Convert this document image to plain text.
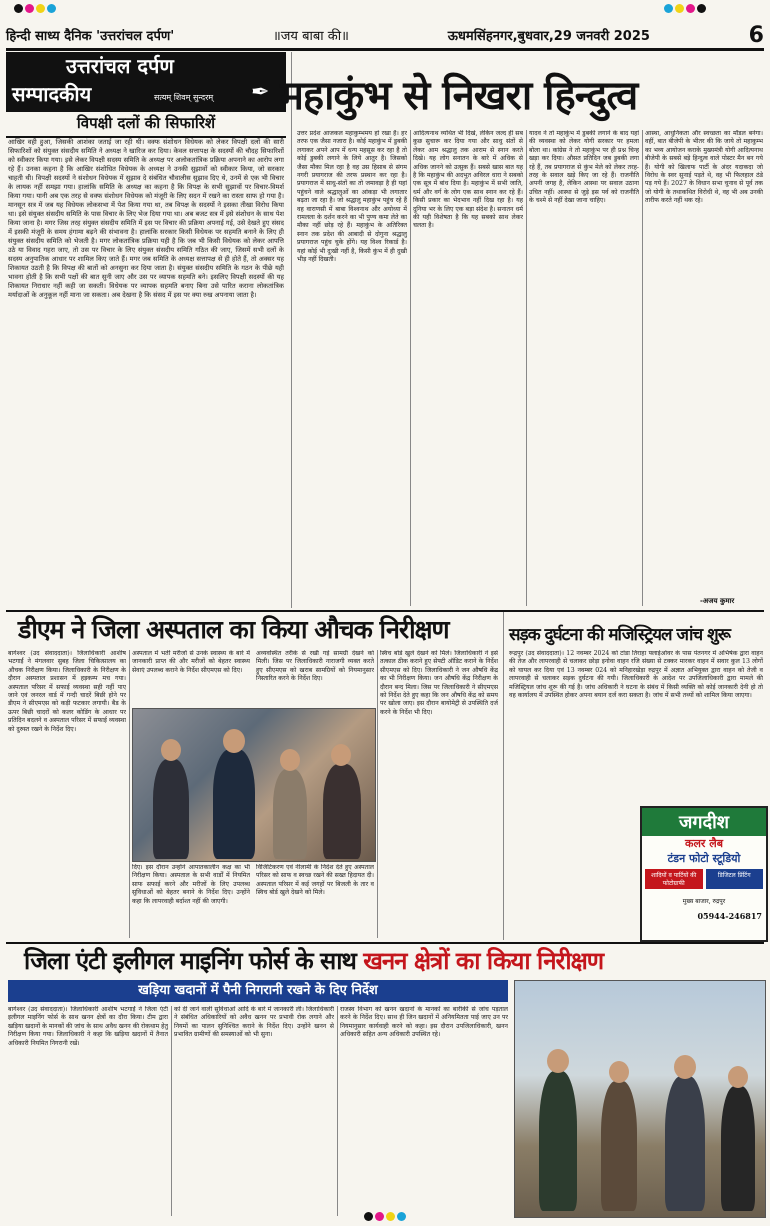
हिन्दी साध्य दैनिक 'उत्तरांचल दर्पण'	॥जय बाबा की॥	ऊधमसिंहनगर,बुधवार,29 जनवरी 2025	6
उत्तरांचल दर्पण
सम्पादकीय	सत्यम् शिवम् सुन्दरम् ✒
विपक्षी दलों की सिफारिशें

आखिर वही हुआ, जिसकी आशंका जताई जा रही थी। वक्फ संशोधन विधेयक को लेकर विपक्षी दलों की सारी सिफारिशों को संयुक्त संसदीय समिति ने अध्यक्ष ने खारिज कर दिया। केवल सत्तापक्ष के सदस्यों की चौदह सिफारिशों को स्वीकार किया गया। इसे लेकर विपक्षी सदस्य समिति के अध्यक्ष पर अलोकतांत्रिक प्रक्रिया अपनाने का आरोप लगा रहे हैं। उनका कहना है कि आखिर संशोधित विधेयक के अध्यक्ष ने उनकी सुझावों को स्वीकार किया, जो सरकार चाहती थी। विपक्षी सदस्यों ने संशोधन विधेयक में सुझाव दे संबंधित चौवालीस सुझाव दिए थे, उनमें से एक भी विचार के लायक नहीं समझा गया। हालांकि समिति के अध्यक्ष का कहना है कि विपक्ष के सभी सुझावों पर विचार-विमर्श किया गया। यानी अब एक तरह से वक्फ संशोधन विधेयक को मंजूरी के लिए सदन में रखने का रास्ता साफ हो गया है। मानसून सत्र में जब यह विधेयक लोकसभा में पेश किया गया था, तब विपक्ष के सदस्यों ने इसका तीखा विरोध किया था। इसे संयुक्त संसदीय समिति के पास विचार के लिए भेज दिया गया था। अब बजट सत्र में इसे संशोधन के साथ पेश किया जाना है। मगर जिस तरह संयुक्त संसदीय समिति में इस पर विचार की प्रक्रिया अपनाई गई, उसे देखते हुए संसद में इसकी मंजूरी के समय हंगामा बढ़ने की संभावना है। हालांकि सरकार किसी विधेयक पर सहमति बनाने के लिए ही संयुक्त संसदीय समिति को भेजती है। मगर लोकतांत्रिक प्रक्रिया यही है कि जब भी किसी विधेयक को लेकर आपत्ति उठे या विवाद गहरा जाए, तो उस पर विचार के लिए संयुक्त संसदीय समिति गठित की जाए, जिसमें सभी दलों के सदस्य अनुपातिक आधार पर शामिल किए जाते हैं। मगर जब समिति के अध्यक्ष सत्तापक्ष से ही होते हैं, तो अक्सर यह शिकायत उठती है कि विपक्ष की बातों को अनसुना कर दिया जाता है। संयुक्त संसदीय समिति के गठन के पीछे यही भावना होती है कि सभी पक्षों की बात सुनी जाए और उस पर व्यापक सहमति बने। इसलिए विपक्षी सदस्यों की यह शिकायत निराधार नहीं कही जा सकती। विधेयक पर व्यापक सहमति बनाए बिना उसे पारित कराना लोकतांत्रिक मर्यादाओं के अनुकूल नहीं माना जा सकता। अब देखना है कि संसद में इस पर क्या रुख अपनाया जाता है।

महाकुंभ से निखरा हिन्दुत्व

उत्तर प्रदेश आजकल महाकुम्भमय हो रखा है। हर तरफ एक जैसा नजारा है। कोई महाकुंभ में डुबकी लगाकर अपने आप में धन्य महसूस कर रहा है तो कोई डुबकी लगाने के लिये आतुर है। जिसको जैसा मौका मिल रहा है वह उस हिसाब से संगम नगरी प्रयागराज की तरफ प्रस्थान कर रहा है। प्रयागराज में साधु-संतों का तो जमावड़ा है ही यहां पहुंचने वाले श्रद्धालुओं का आंकड़ा भी लगातार बढ़ता जा रहा है। जो श्रद्धालु महाकुंभ पहुंच रहे हैं वह वाराणसी में बाबा विश्वनाथ और अयोध्या में रामलला के दर्शन करने का भी पुण्य कमा लेते का मौका नहीं छोड़ रहे हैं। महाकुंभ के अतिरिक्त स्नान तक प्रदेश की आबादी से दोगुना श्रद्धालु प्रयागराज पहुंच चुके होंगे। यह विश्व रिकार्ड है। यहां कोई भी दुःखी नहीं है, किसी कुंभ में ही दुखी भीड़ नहीं दिखती।

आदित्यनाथ व्यथित भी दिखे, लेकिन जल्द ही सब कुछ सुचारू कर दिया गया और साधु संतों से लेकर आम श्रद्धालु तक आराम से स्नान करते दिखे। यह लोग सनातन के बारे में अधिक से अधिक जानने को उत्सुक हैं। सबसे खास बात यह है कि महाकुंभ की अदभुत अविरल धारा ने सबको एक सूत्र में बांध दिया है। महाकुंभ में सभी जाति, धर्म और वर्ग के लोग एक साथ स्नान कर रहे हैं। किसी प्रकार का भेदभाव नहीं दिख रहा है। यह दुनिया भर के लिए एक बड़ा संदेश है। सनातन धर्म की यही विशेषता है कि यह सबको साथ लेकर चलता है।

यादव ने तो महाकुंभ में डुबकी लगाने के बाद यहां की व्यवस्था को लेकर योगी सरकार पर हमला बोला था। कांग्रेस ने तो महाकुंभ पर ही प्रश्न चिन्ह खड़ा कर दिया। औसत प्रतिदिन जब डुबकी लगा रहे हैं, तब प्रयागराज से कुंभ मेले को लेकर तरह-तरह के सवाल खड़े किए जा रहे हैं। राजनीति अपनी जगह है, लेकिन आस्था पर सवाल उठाना उचित नहीं। आस्था से जुड़े इस पर्व को राजनीति के चश्मे से नहीं देखा जाना चाहिए।

आस्था, आधुनिकता और स्वच्छता का मॉडल बनेगा। वहीं, बात बीजेपी के भीतर की कि जाये तो महाकुम्भ का भव्य आयोजन कराके मुख्यमंत्री योगी आदित्यनाथ बीजेपी के सबसे बड़े हिन्दुत्व वाले पोस्टर मैन बन गये हैं। योगी को खिलाफ पार्टी के अंदर यदाकदा जो विरोध के स्वर सुनाई पड़ते थे, वह भी फिलहाल ठंडे पड़ गये हैं। 2027 के विधान सभा चुनाव से पूर्व तक जो योगी के तथाकथित विरोधी थे, वह भी अब उनकी तारीफ करते नहीं थक रहे।

-अजय कुमार
डीएम ने जिला अस्पताल का किया औचक निरीक्षण

बागेश्वर (उद संवाददाता)। जिलाधिकारी आशीष भटगाईं ने मंगलवार सुबह जिला चिकित्सालय का औचक निरीक्षण किया। जिलाधिकारी के निरीक्षण के दौरान अस्पताल प्रशासन में हड़कम्प मच गया। अस्पताल परिसर में सफाई व्यवस्था सही नहीं पाए जाने एवं जनरल वार्ड में गन्दी चादरें बिछी होने पर डीएम ने सीएमएस को कड़ी फटकार लगायी। बैड के ऊपर बिछी चादरों को कलर कोडिंग के आधार पर प्रतिदिन बदलने व अस्पताल परिसर में सफाई व्यवस्था को दुरुस्त रखने के निर्देश दिए।

अस्पताल में भर्ती मरीजों से उनके स्वास्थ्य के बारे में जानकारी प्राप्त की और मरीजों को बेहतर स्वास्थ्य सेवाएं उपलब्ध कराने के निर्देश सीएमएस को दिए।

अव्यवस्थित तरीके से रखी गई सामग्री देखने को मिली। जिस पर जिलाधिकारी नाराजगी व्यक्त करते हुए सीएमएस को खराब सामग्रियों को नियमानुसार निस्तारित करने के निर्देश दिए।

दिए। इस दौरान उन्होंने आपातकालीन कक्ष का भी निरीक्षण किया। अस्पताल के सभी वार्डों में नियमित साफ सफाई करने और मरीजों के लिए उपलब्ध सुविधाओं को बेहतर बनाने के निर्देश दिए। उन्होंने कहा कि लापरवाही बर्दाश्त नहीं की जाएगी।

विजिटिकरण एवं नीलामी के निर्देश देते हुए अस्पताल परिसर को साफ व स्वच्छ रखने की सख्त हिदायत दी। अस्पताल परिसर में कई जगहों पर बिजली के तार व स्विच बोर्ड खुले देखने को मिले।

स्विच बोर्ड खुले देखने को मिले। जिलाधिकारी ने इसे तत्काल ठीक कराने हुए सेफ्टी ऑडिट कराने के निर्देश सीएमएस को दिए। जिलाधिकारी ने जन औषधि केंद्र का भी निरीक्षण किया। जन औषधि केंद्र निरीक्षण के दौरान बन्द मिला। जिस पर जिलाधिकारी ने सीएमएस को निर्देश देते हुए कहा कि जन औषधि केंद्र को समय पर खोला जाए। इस दौरान बायोमेट्री से उपस्थिति दर्ज करने के निर्देश भी दिए।

सड़क दुर्घटना की मजिस्ट्रियल जांच शुरू

रूद्रपुर (उद संवाददाता)। 12 नवम्बर 2024 को टांडा तिराहा फ्लाईओवर के पास पंतनगर में अभिषेक द्वारा वाहन की तेज और लापरवाही से चलाकर छोड़ा इनोवा वाहन रजि संख्या से टक्कर मारकर वाहन में सवार कुल 13 लोगों को घायल कर दिया एवं 13 नवम्बर 024 को मनिहारखेड़ा रुद्रपुर में अज्ञात अभियुक्त द्वारा वाहन को तेजी व लापरवाही से चलाकर सड़क दुर्घटना की गयी। जिलाधिकारी के आदेश पर उपजिलाधिकारी द्वारा मामले की मजिस्ट्रियल जांच शुरू की गई है। जांच अधिकारी ने घटना के संबंध में किसी व्यक्ति को कोई जानकारी देनी हो तो वह कार्यालय में उपस्थित होकर अपना बयान दर्ज करा सकता है। जांच में सभी तथ्यों को शामिल किया जाएगा।

जगदीश
कलर लैब
टंडन फोटो स्टूडियो
शादियों व पार्टियों की फोटोग्राफी
डिजिटल प्रिंटिंग
मुख्य बाजार, रुद्रपुर
05944-246817
जिला एंटी इलीगल माइनिंग फोर्स के साथ खनन क्षेत्रों का किया निरीक्षण
खड़िया खदानों में पैनी निगरानी रखने के दिए निर्देश

बागेश्वर (उद संवाददाता)। जिलाधिकारी आशीष भटगाईं ने जिला एंटी इलीगल माइनिंग फोर्स के साथ खनन क्षेत्रों का दौरा किया। टीम द्वारा खड़िया खदानों के मानकों की जांच के साथ अवैध खनन की रोकथाम हेतु निरीक्षण किया गया। जिलाधिकारी ने कहा कि खड़िया खदानों में तैनात अधिकारी नियमित निगरानी रखें।

को दी जाने वाली सुविधाओं आदि के बारे में जानकारी ली। जिलाधिकारी ने संबंधित अधिकारियों को अवैध खनन पर प्रभावी रोक लगाने और नियमों का पालन सुनिश्चित कराने के निर्देश दिए। उन्होंने खनन से प्रभावित ग्रामीणों की समस्याओं को भी सुना।

राजस्व विभाग को खनन खदानों के मानकों का बारीकी से जांच पड़ताल करने के निर्देश दिए। साथ ही जिन खदानों में अनियमितता पाई जाए उन पर नियमानुसार कार्यवाही करने को कहा। इस दौरान उपजिलाधिकारी, खनन अधिकारी सहित अन्य अधिकारी उपस्थित रहे।
